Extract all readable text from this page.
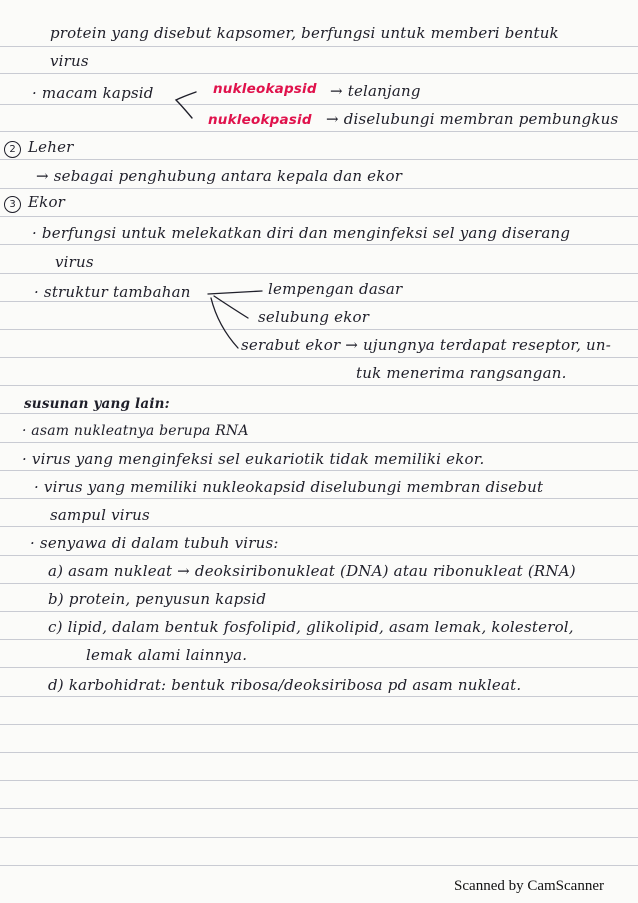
protein yang disebut kapsomer, berfungsi untuk memberi bentuk
virus
· macam kapsid	nukleokapsid → telanjang
nukleokpasid → diselubungi membran pembungkus
2 Leher
→ sebagai penghubung antara kepala dan ekor
3 Ekor
· berfungsi untuk melekatkan diri dan menginfeksi sel yang diserang
virus
· struktur tambahan	lempengan dasar
selubung ekor
serabut ekor → ujungnya terdapat reseptor, un-
tuk menerima rangsangan.
susunan yang lain:
· asam nukleatnya berupa RNA
· virus yang menginfeksi sel eukariotik tidak memiliki ekor.
· virus yang memiliki nukleokapsid diselubungi membran disebut
sampul virus
· senyawa di dalam tubuh virus:
a) asam nukleat → deoksiribonukleat (DNA) atau ribonukleat (RNA)
b) protein, penyusun kapsid
c) lipid, dalam bentuk fosfolipid, glikolipid, asam lemak, kolesterol,
lemak alami lainnya.
d) karbohidrat: bentuk ribosa/deoksiribosa pd asam nukleat.
Scanned by CamScanner
